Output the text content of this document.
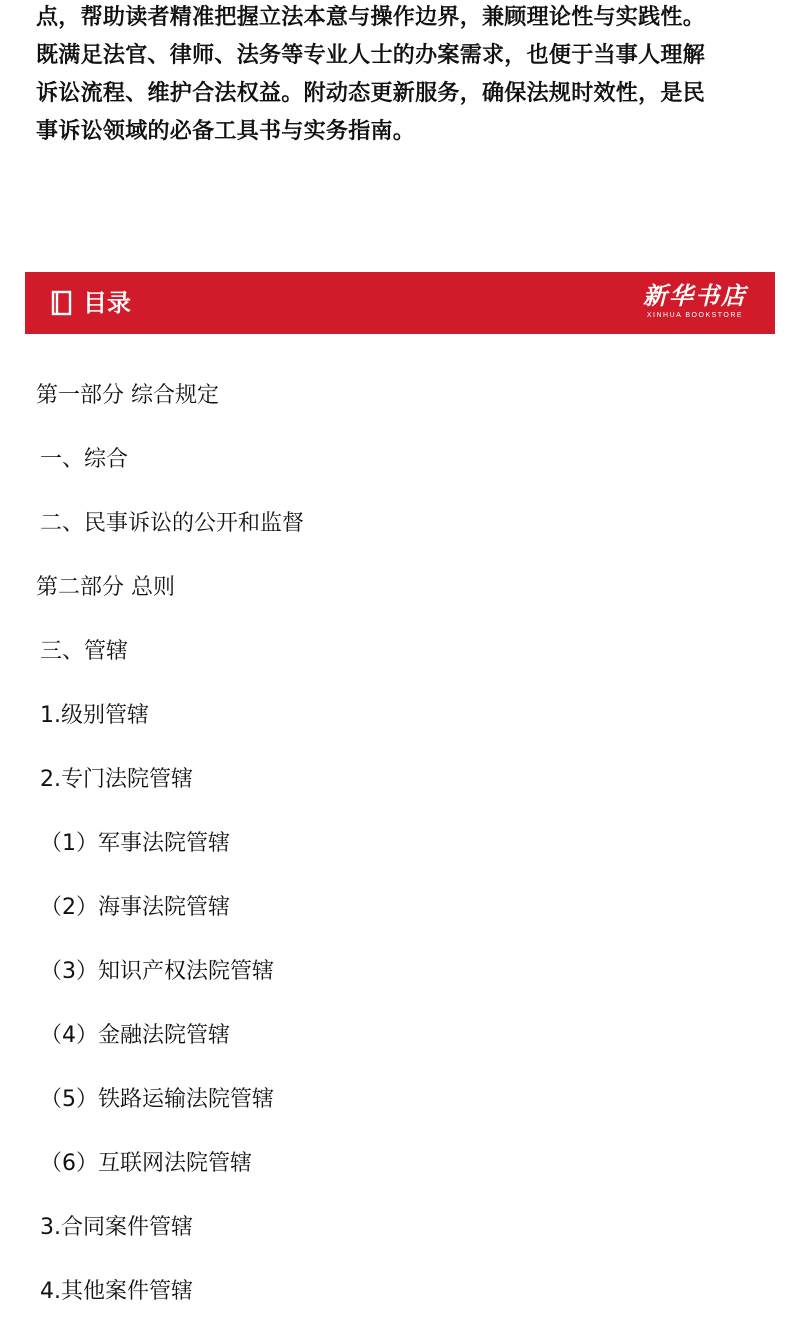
点，帮助读者精准把握立法本意与操作边界，兼顾理论性与实践性。
既满足法官、律师、法务等专业人士的办案需求，也便于当事人理解
诉讼流程、维护合法权益。附动态更新服务，确保法规时效性，是民
事诉讼领域的必备工具书与实务指南。
目录	新华书店
XINHUA BOOKSTORE
第一部分 综合规定
一、综合
二、民事诉讼的公开和监督
第二部分 总则
三、管辖
1.级别管辖
2.专门法院管辖
（1）军事法院管辖
（2）海事法院管辖
（3）知识产权法院管辖
（4）金融法院管辖
（5）铁路运输法院管辖
（6）互联网法院管辖
3.合同案件管辖
4.其他案件管辖
